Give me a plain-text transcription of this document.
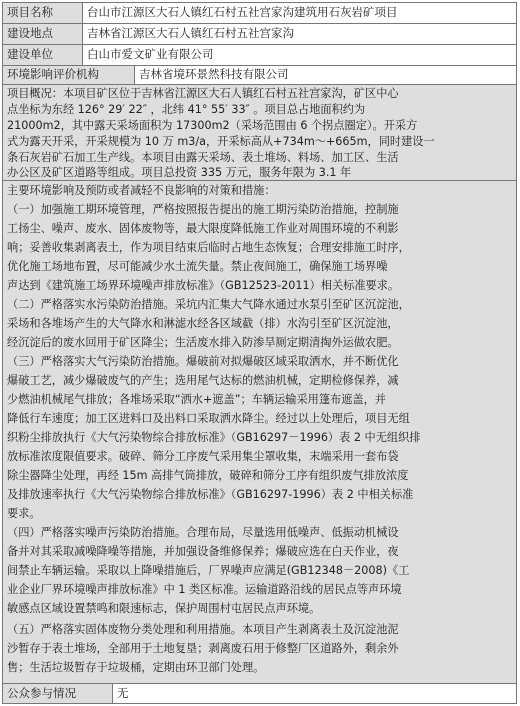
项目名称	台山市江源区大石人镇红石村五社宫家沟建筑用石灰岩矿项目
建设地点	吉林省江源区大石人镇红石村五社宫家沟
建设单位	白山市爱文矿业有限公司
环境影响评价机构	吉林省境环景然科技有限公司
项目概况：本项目矿区位于吉林省江源区大石人镇红石村五社宫家沟，矿区中心
点坐标为东经 126° 29′ 22″ ，北纬 41° 55′ 33″ 。项目总占地面积约为
21000m2，其中露天采场面积为 17300m2（采场范围由 6 个拐点圈定）。开采方
式为露天开采，开采规模为 10 万 m3/a，开采标高从+734m～+665m，同时建设一
条石灰岩矿石加工生产线。本项目由露天采场、表土堆场、料场、加工区、生活
办公区及矿区道路等组成。项目总投资 335 万元，服务年限为 3.1 年
主要环境影响及预防或者减轻不良影响的对策和措施：
（一）加强施工期环境管理，严格按照报告提出的施工期污染防治措施，控制施
工扬尘、噪声、废水、固体废物等，最大限度降低施工作业对周围环境的不利影
响；妥善收集剥离表土，作为项目结束后临时占地生态恢复；合理安排施工时序，
优化施工场地布置，尽可能减少水土流失量。禁止夜间施工，确保施工场界噪
声达到《建筑施工场界环境噪声排放标准》（GB12523-2011）相关标准要求。
（二）严格落实水污染防治措施。采坑内汇集大气降水通过水泵引至矿区沉淀池，
采场和各堆场产生的大气降水和淋滤水经各区域截（排）水沟引至矿区沉淀池，
经沉淀后的废水回用于矿区降尘；生活废水排入防渗旱厕定期清掏外运做农肥。
（三）严格落实大气污染防治措施。爆破前对拟爆破区域采取洒水，并不断优化
爆破工艺，减少爆破废气的产生；选用尾气达标的燃油机械，定期检修保养，减
少燃油机械尾气排放；各堆场采取“洒水+遮盖”；车辆运输采用篷布遮盖，并
降低行车速度；加工区进料口及出料口采取洒水降尘。经过以上处理后，项目无组
织粉尘排放执行《大气污染物综合排放标准》（GB16297－1996）表 2 中无组织排
放标准浓度限值要求。破碎、筛分工序废气采用集尘罩收集，末端采用一套布袋
除尘器降尘处理，再经 15m 高排气筒排放，破碎和筛分工序有组织废气排放浓度
及排放速率执行《大气污染物综合排放标准》（GB16297-1996）表 2 中相关标准
要求。
（四）严格落实噪声污染防治措施。合理布局，尽量选用低噪声、低振动机械设
备并对其采取减噪降噪等措施，并加强设备维修保养；爆破应选在白天作业，夜
间禁止车辆运输。采取以上降噪措施后，厂界噪声应满足(GB12348－2008)《工
业企业厂界环境噪声排放标准》中 1 类区标准。运输道路沿线的居民点等声环境
敏感点区域设置禁鸣和限速标志，保护周围村屯居民点声环境。
（五）严格落实固体废物分类处理和利用措施。本项目产生剥离表土及沉淀池泥
沙暂存于表土堆场，全部用于土地复垦；剥离废石用于修整厂区道路外，剩余外
售；生活垃圾暂存于垃圾桶，定期由环卫部门处理。
公众参与情况	无
